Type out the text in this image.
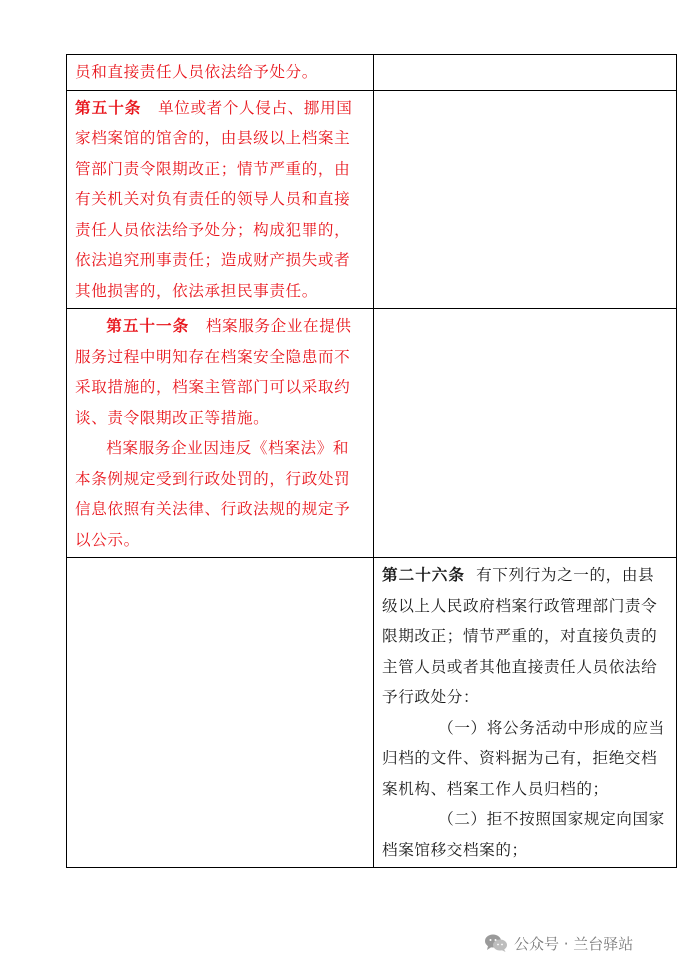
员和直接责任人员依法给予处分。	

第五十条 单位或者个人侵占、挪用国家档案馆的馆舍的，由县级以上档案主管部门责令限期改正；情节严重的，由有关机关对负有责任的领导人员和直接责任人员依法给予处分；构成犯罪的，依法追究刑事责任；造成财产损失或者其他损害的，依法承担民事责任。	

第五十一条 档案服务企业在提供服务过程中明知存在档案安全隐患而不采取措施的，档案主管部门可以采取约谈、责令限期改正等措施。

档案服务企业因违反《档案法》和本条例规定受到行政处罚的，行政处罚信息依照有关法律、行政法规的规定予以公示。	

	第二十六条 有下列行为之一的，由县级以上人民政府档案行政管理部门责令限期改正；情节严重的，对直接负责的主管人员或者其他直接责任人员依法给予行政处分：

（一）将公务活动中形成的应当归档的文件、资料据为己有，拒绝交档案机构、档案工作人员归档的；

（二）拒不按照国家规定向国家档案馆移交档案的；

公众号 · 兰台驿站
